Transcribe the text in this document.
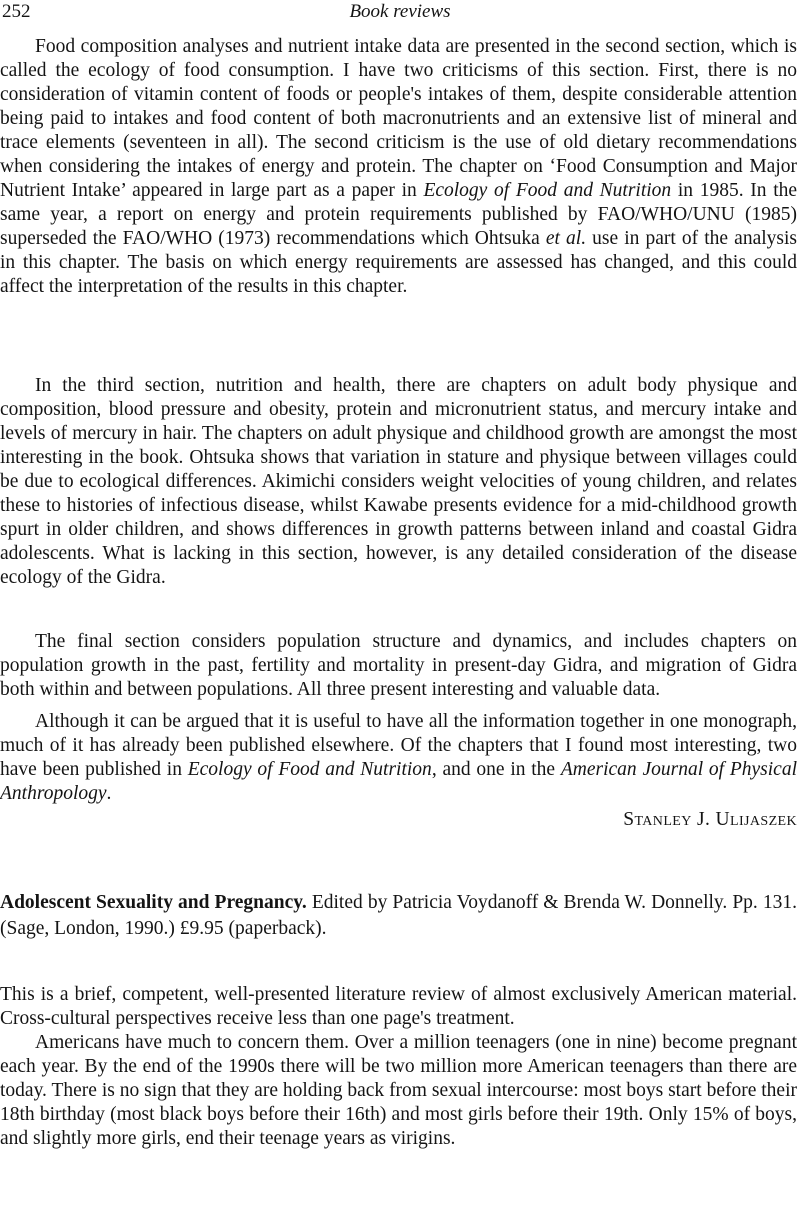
252	Book reviews

Food composition analyses and nutrient intake data are presented in the second section, which is called the ecology of food consumption. I have two criticisms of this section. First, there is no consideration of vitamin content of foods or people's intakes of them, despite considerable attention being paid to intakes and food content of both macronutrients and an extensive list of mineral and trace elements (seventeen in all). The second criticism is the use of old dietary recommendations when considering the intakes of energy and protein. The chapter on ‘Food Consumption and Major Nutrient Intake’ appeared in large part as a paper in Ecology of Food and Nutrition in 1985. In the same year, a report on energy and protein requirements published by FAO/WHO/UNU (1985) superseded the FAO/WHO (1973) recommendations which Ohtsuka et al. use in part of the analysis in this chapter. The basis on which energy requirements are assessed has changed, and this could affect the interpretation of the results in this chapter.

In the third section, nutrition and health, there are chapters on adult body physique and composition, blood pressure and obesity, protein and micronutrient status, and mercury intake and levels of mercury in hair. The chapters on adult physique and childhood growth are amongst the most interesting in the book. Ohtsuka shows that variation in stature and physique between villages could be due to ecological differences. Akimichi considers weight velocities of young children, and relates these to histories of infectious disease, whilst Kawabe presents evidence for a mid-childhood growth spurt in older children, and shows differences in growth patterns between inland and coastal Gidra adolescents. What is lacking in this section, however, is any detailed consideration of the disease ecology of the Gidra.

The final section considers population structure and dynamics, and includes chapters on population growth in the past, fertility and mortality in present-day Gidra, and migration of Gidra both within and between populations. All three present interesting and valuable data.

Although it can be argued that it is useful to have all the information together in one monograph, much of it has already been published elsewhere. Of the chapters that I found most interesting, two have been published in Ecology of Food and Nutrition, and one in the American Journal of Physical Anthropology.

Stanley J. Ulijaszek
Adolescent Sexuality and Pregnancy. Edited by Patricia Voydanoff & Brenda W. Donnelly. Pp. 131. (Sage, London, 1990.) £9.95 (paperback).

This is a brief, competent, well-presented literature review of almost exclusively American material. Cross-cultural perspectives receive less than one page's treatment.

Americans have much to concern them. Over a million teenagers (one in nine) become pregnant each year. By the end of the 1990s there will be two million more American teenagers than there are today. There is no sign that they are holding back from sexual intercourse: most boys start before their 18th birthday (most black boys before their 16th) and most girls before their 19th. Only 15% of boys, and slightly more girls, end their teenage years as virigins.
